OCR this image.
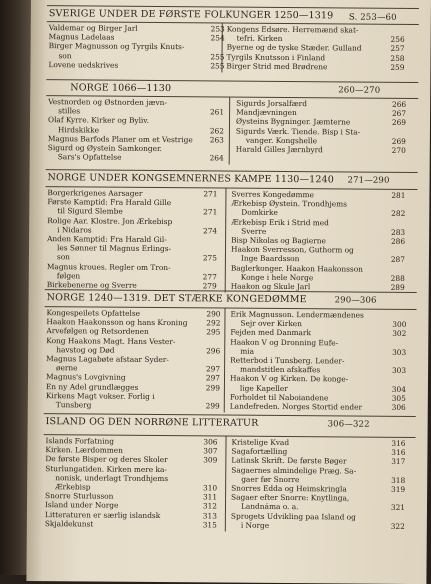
SVERIGE UNDER DE FØRSTE FOLKUNGER 1250—1319 S. 253—60
Valdemar og Birger Jarl	253
Magnus Ladelaas	254
Birger Magnusson og Tyrgils Knuts-
son	255
Lovene uedskrives	255
Kongens Edsøre. Herremænd skat-
tefri. Kirken	256
Byerne og de tyske Stæder. Gulland	257
Tyrgils Knutsson i Finland	258
Birger Strid med Brødrene	259
NORGE 1066—1130	260—270
Vestnorden og Østnorden jævn-
stilles	261
Olaf Kyrre. Kirker og Byliv.
Hirdskikke	262
Magnus Barfods Planer om et Vestrige 263
Sigurd og Øystein Samkonger.
Sars's Opfattelse	264
Sigurds Jorsalfærd	266
Mandjævningen	267
Øysteins Bygninger. Jæmterne	269
Sigurds Værk. Tiende. Bisp i Sta-
vanger. Kongshelle	269
Harald Gilles Jærnbyrd	270
NORGE UNDER KONGSEMNERNES KAMPE 1130—1240 271—290
Borgerkrigenes Aarsager	271
Første Kamptid: Fra Harald Gille
til Sigurd Slembe	271
Rolige Aar. Klostre. Jon Ærkebisp
i Nidaros	274
Anden Kamptid: Fra Harald Gil-
les Sønner til Magnus Erlings-
son	275
Magnus kroues. Regler om Tron-
følgen	277
Birkebenerne og Sverre	279
Sverres Kongedømme	281
Ærkebisp Øystein. Trondhjems
Domkirke	282
Ærkebisp Erik i Strid med
Sverre	283
Bisp Nikolas og Bagierne	286
Haakon Sverresson, Guthorm og
Inge Baardsson	287
Baglerkonger. Haakon Haakonsson
Konge i hele Norge	288
Haakon og Skule Jarl	289
NORGE 1240—1319. DET STÆRKE KONGEDØMME	290—306
Kongespeilets Opfattelse	290
Haakon Haakonsson og hans Kroning	292
Arvefølgen og Retsordenen	295
Kong Haakons Magt. Hans Vester-
havstog og Død	296
Magnus Lagabøte afstaar Syder-
øerne	297
Magnus's Lovgivning	297
En ny Adel grundlægges	299
Kirkens Magt vokser. Forlig i
Tunsberg	299
Erik Magnusson. Lendermændenes
Sejr over Kirken	300
Fejden med Danmark	302
Haakon V og Dronning Eufe-
mia	303
Retterbod i Tunsberg. Lender-
mandstitlen afskaffes	303
Haakon V og Kirken. De konge-
lige Kapeller	304
Forholdet til Naboiandene	305
Landefreden. Norges Stortid ender	306
ISLAND OG DEN NORRØNE LITTERATUR	306—322
Islands Forfatning	306
Kirken. Lærdommen	307
De første Bisper og deres Skoler	309
Sturlungatiden. Kirken mere ka-
nonisk, underlagt Trondhjems
Ærkebisp	310
Snorre Sturlusson	311
Island under Norge	312
Litteraturen er særlig islandsk	313
Skjaldekunst	315
Kristelige Kvad	316
Sagafortælling	316
Latinsk Skrift. De første Bøger	317
Sagaernes almindelige Præg. Sa-
gaer før Snorre	318
Snorres Edda og Heimskringla	319
Sagaer efter Snorre: Knytlinga,
Landnáma o. a.	321
Sprogets Udvikling paa Island og
i Norge	322
